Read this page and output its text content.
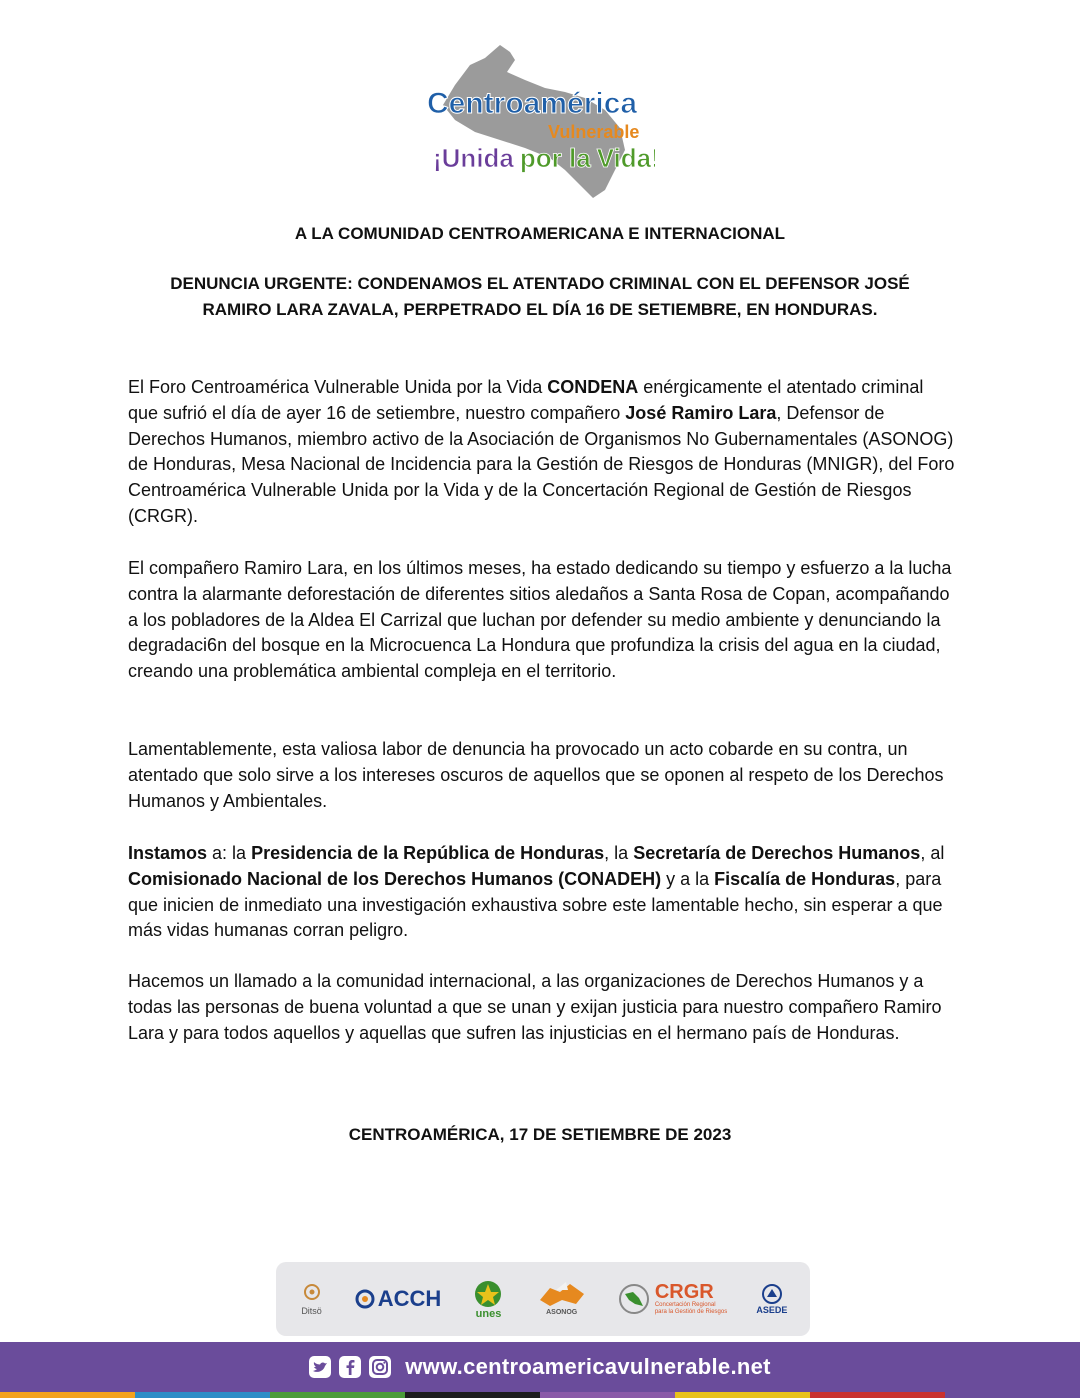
Centroamérica
Vulnerable
¡Unida por la Vida!

A LA COMUNIDAD CENTROAMERICANA E INTERNACIONAL

DENUNCIA URGENTE: CONDENAMOS EL ATENTADO CRIMINAL CON EL DEFENSOR JOSÉ
RAMIRO LARA ZAVALA, PERPETRADO EL DÍA 16 DE SETIEMBRE, EN HONDURAS.

El Foro Centroamérica Vulnerable Unida por la Vida CONDENA enérgicamente el atentado criminal que sufrió el día de ayer 16 de setiembre, nuestro compañero José Ramiro Lara, Defensor de Derechos Humanos, miembro activo de la Asociación de Organismos No Gubernamentales (ASONOG) de Honduras, Mesa Nacional de Incidencia para la Gestión de Riesgos de Honduras (MNIGR), del Foro Centroamérica Vulnerable Unida por la Vida y de la Concertación Regional de Gestión de Riesgos (CRGR).

El compañero Ramiro Lara, en los últimos meses, ha estado dedicando su tiempo y esfuerzo a la lucha contra la alarmante deforestación de diferentes sitios aledaños a Santa Rosa de Copan, acompañando a los pobladores de la Aldea El Carrizal que luchan por defender su medio ambiente y denunciando la degradaci6n del bosque en la Microcuenca La Hondura que profundiza la crisis del agua en la ciudad, creando una problemática ambiental compleja en el territorio.

Lamentablemente, esta valiosa labor de denuncia ha provocado un acto cobarde en su contra, un atentado que solo sirve a los intereses oscuros de aquellos que se oponen al respeto de los Derechos Humanos y Ambientales.

Instamos a: la Presidencia de la República de Honduras, la Secretaría de Derechos Humanos, al Comisionado Nacional de los Derechos Humanos (CONADEH) y a la Fiscalía de Honduras, para que inicien de inmediato una investigación exhaustiva sobre este lamentable hecho, sin esperar a que más vidas humanas corran peligro.

Hacemos un llamado a la comunidad internacional, a las organizaciones de Derechos Humanos y a todas las personas de buena voluntad a que se unan y exijan justicia para nuestro compañero Ramiro Lara y para todos aquellos y aquellas que sufren las injusticias en el hermano país de Honduras.

CENTROAMÉRICA, 17 DE SETIEMBRE DE 2023

Ditsö	ACCH
unes	ASONOG
CRGR
Concertación Regional
para la Gestión de Riesgos	ASEDE
www.centroamericavulnerable.net
